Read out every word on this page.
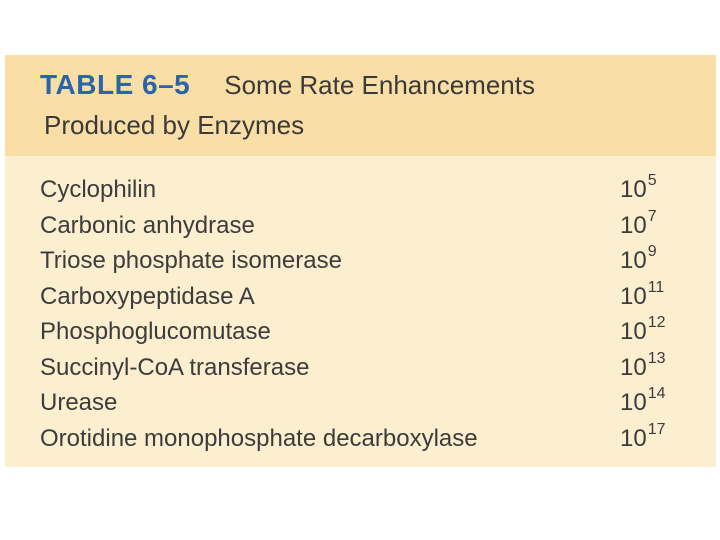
TABLE 6–5 Some Rate Enhancements
Produced by Enzymes
Cyclophilin	$10^5$
Carbonic anhydrase	$10^7$
Triose phosphate isomerase	$10^9$
Carboxypeptidase A	$10^{11}$
Phosphoglucomutase	$10^{12}$
Succinyl-CoA transferase	$10^{13}$
Urease	$10^{14}$
Orotidine monophosphate decarboxylase	$10^{17}$
